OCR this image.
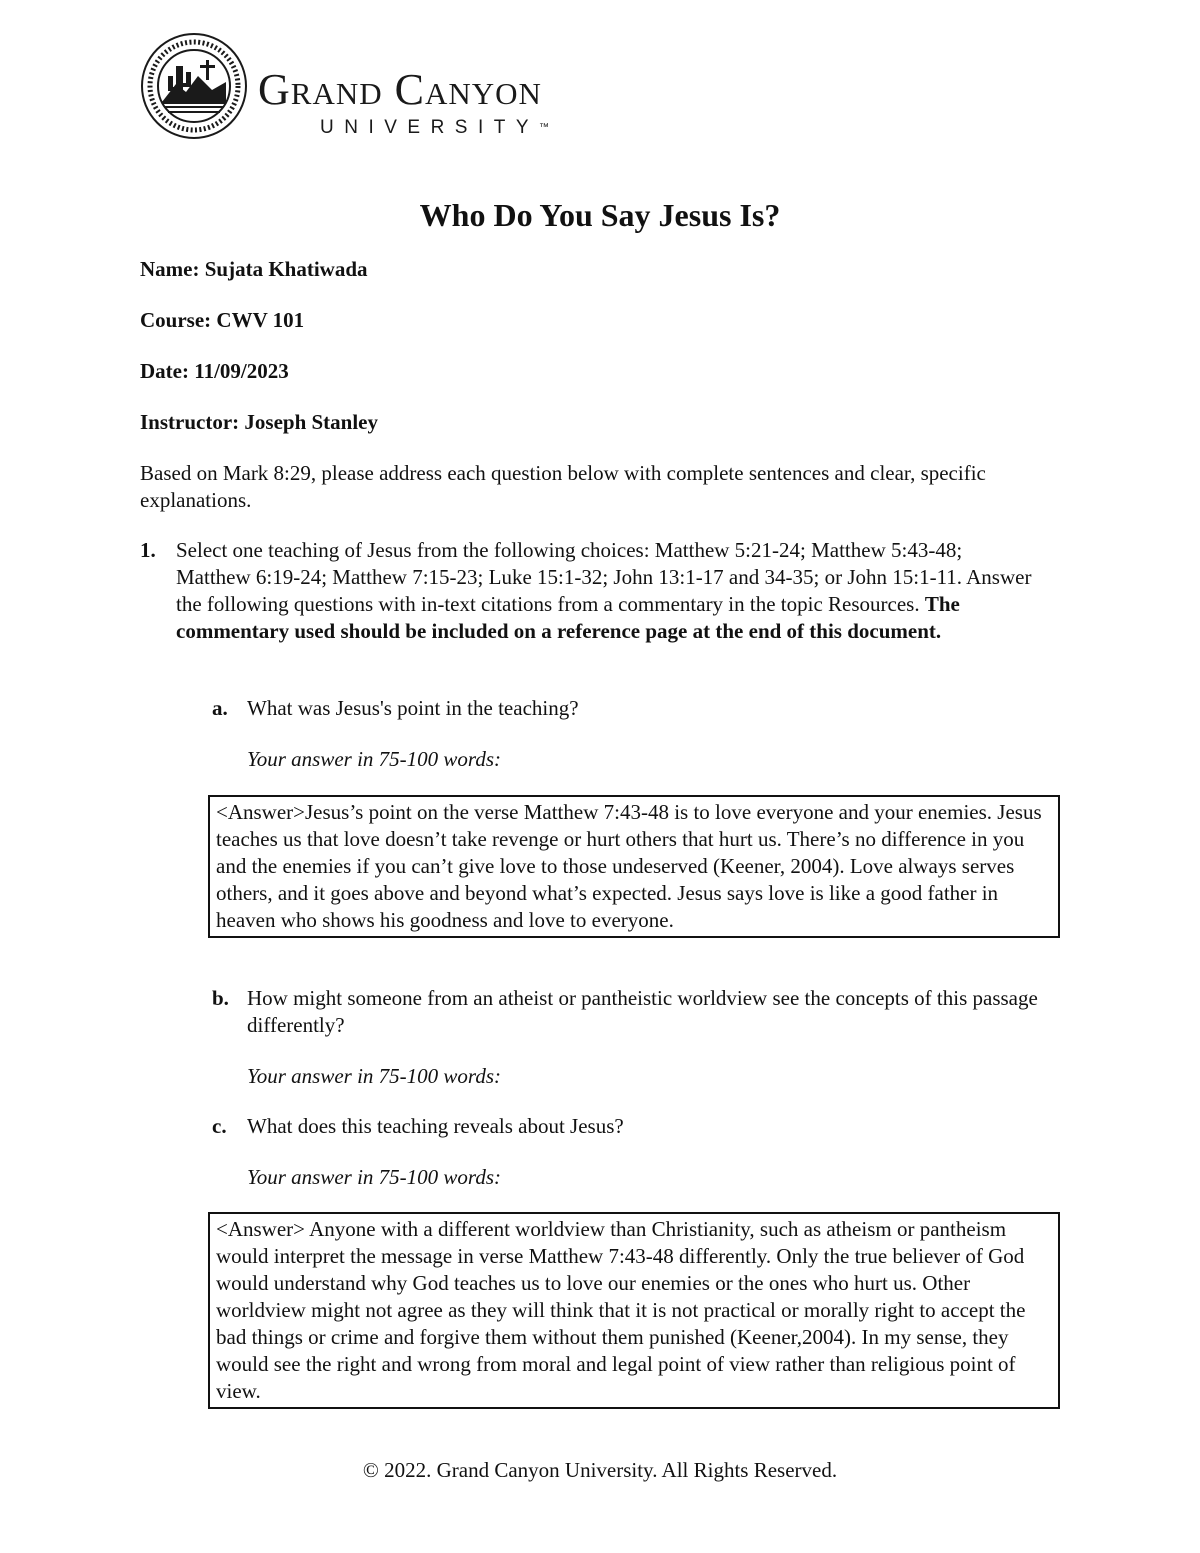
Grand Canyon
UNIVERSITY™
Who Do You Say Jesus Is?
Name: Sujata Khatiwada
Course: CWV 101
Date: 11/09/2023
Instructor: Joseph Stanley
Based on Mark 8:29, please address each question below with complete sentences and clear, specific explanations.
1. Select one teaching of Jesus from the following choices: Matthew 5:21-24; Matthew 5:43-48; Matthew 6:19-24; Matthew 7:15-23; Luke 15:1-32; John 13:1-17 and 34-35; or John 15:1-11. Answer the following questions with in-text citations from a commentary in the topic Resources. The commentary used should be included on a reference page at the end of this document.
a. What was Jesus's point in the teaching?
Your answer in 75-100 words:
<Answer>Jesus’s point on the verse Matthew 7:43-48 is to love everyone and your enemies. Jesus teaches us that love doesn’t take revenge or hurt others that hurt us. There’s no difference in you and the enemies if you can’t give love to those undeserved (Keener, 2004). Love always serves others, and it goes above and beyond what’s expected. Jesus says love is like a good father in heaven who shows his goodness and love to everyone.
b. How might someone from an atheist or pantheistic worldview see the concepts of this passage differently?
Your answer in 75-100 words:
c. What does this teaching reveals about Jesus?
Your answer in 75-100 words:
<Answer> Anyone with a different worldview than Christianity, such as atheism or pantheism would interpret the message in verse Matthew 7:43-48 differently. Only the true believer of God would understand why God teaches us to love our enemies or the ones who hurt us. Other worldview might not agree as they will think that it is not practical or morally right to accept the bad things or crime and forgive them without them punished (Keener,2004). In my sense, they would see the right and wrong from moral and legal point of view rather than religious point of view.
© 2022. Grand Canyon University. All Rights Reserved.
